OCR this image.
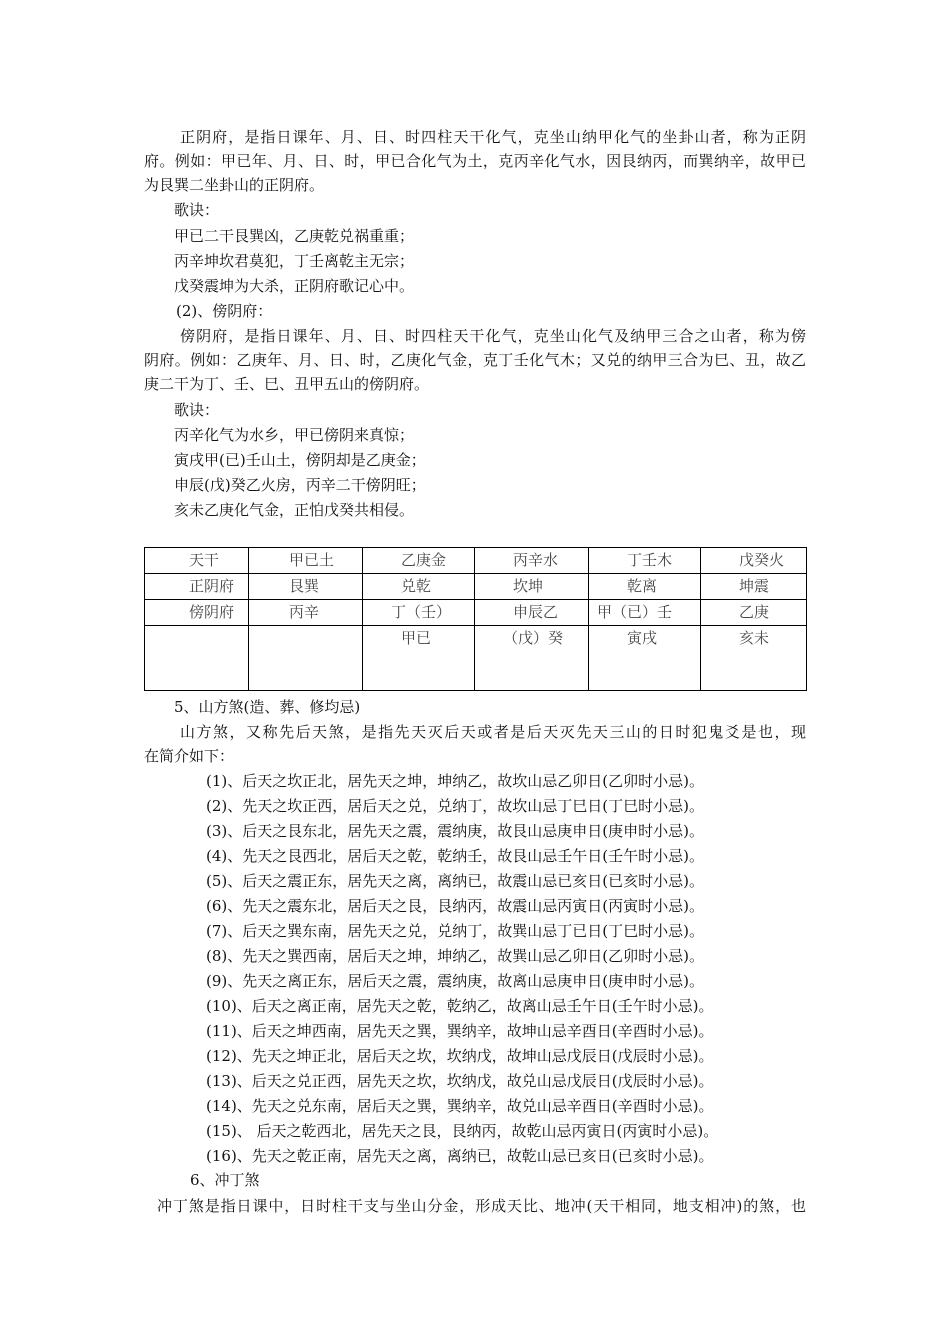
正阴府，是指日课年、月、日、时四柱天干化气，克坐山纳甲化气的坐卦山者，称为正阴
府。例如：甲已年、月、日、时，甲已合化气为土，克丙辛化气水，因艮纳丙，而巽纳辛，故甲已
为艮巽二坐卦山的正阴府。
歌诀：
甲已二干艮巽凶，乙庚乾兑祸重重；
丙辛坤坎君莫犯，丁壬离乾主无宗；
戊癸震坤为大杀，正阴府歌记心中。
(2)、傍阴府：
傍阴府，是指日课年、月、日、时四柱天干化气，克坐山化气及纳甲三合之山者，称为傍
阴府。例如：乙庚年、月、日、时，乙庚化气金，克丁壬化气木；又兑的纳甲三合为巳、丑，故乙
庚二干为丁、壬、巳、丑甲五山的傍阴府。
歌诀：
丙辛化气为水乡，甲已傍阴来真惊；
寅戌甲(已)壬山土，傍阴却是乙庚金；
申辰(戊)癸乙火房，丙辛二干傍阴旺；
亥未乙庚化气金，正怕戊癸共相侵。
天干	甲已土	乙庚金	丙辛水	丁壬木	戊癸火
正阴府	艮巽	兑乾	坎坤	乾离	坤震
傍阴府	丙辛	丁（壬）	申辰乙	甲（已）壬	乙庚
		甲已	（戊）癸	寅戌	亥未
5、山方煞(造、葬、修均忌)
山方煞，又称先后天煞，是指先天灭后天或者是后天灭先天三山的日时犯鬼爻是也，现
在简介如下：
(1)、后天之坎正北，居先天之坤，坤纳乙，故坎山忌乙卯日(乙卯时小忌)。
(2)、先天之坎正西，居后天之兑，兑纳丁，故坎山忌丁巳日(丁巳时小忌)。
(3)、后天之艮东北，居先天之震，震纳庚，故艮山忌庚申日(庚申时小忌)。
(4)、先天之艮西北，居后天之乾，乾纳壬，故艮山忌壬午日(壬午时小忌)。
(5)、后天之震正东，居先天之离，离纳已，故震山忌已亥日(已亥时小忌)。
(6)、先天之震东北，居后天之艮，艮纳丙，故震山忌丙寅日(丙寅时小忌)。
(7)、后天之巽东南，居先天之兑，兑纳丁，故巽山忌丁已日(丁巳时小忌)。
(8)、先天之巽西南，居后天之坤，坤纳乙，故巽山忌乙卯日(乙卯时小忌)。
(9)、先天之离正东，居后天之震，震纳庚，故离山忌庚申日(庚申时小忌)。
(10)、后天之离正南，居先天之乾，乾纳乙，故离山忌壬午日(壬午时小忌)。
(11)、后天之坤西南，居先天之巽，巽纳辛，故坤山忌辛酉日(辛酉时小忌)。
(12)、先天之坤正北，居后天之坎，坎纳戊，故坤山忌戊辰日(戊辰时小忌)。
(13)、后天之兑正西，居先天之坎，坎纳戊，故兑山忌戊辰日(戊辰时小忌)。
(14)、先天之兑东南，居后天之巽，巽纳辛，故兑山忌辛酉日(辛酉时小忌)。
(15)、 后天之乾西北，居先天之艮，艮纳丙，故乾山忌丙寅日(丙寅时小忌)。
(16)、先天之乾正南，居先天之离，离纳已，故乾山忌已亥日(已亥时小忌)。
6、冲丁煞
冲丁煞是指日课中，日时柱干支与坐山分金，形成天比、地冲(天干相同，地支相冲)的煞，也
